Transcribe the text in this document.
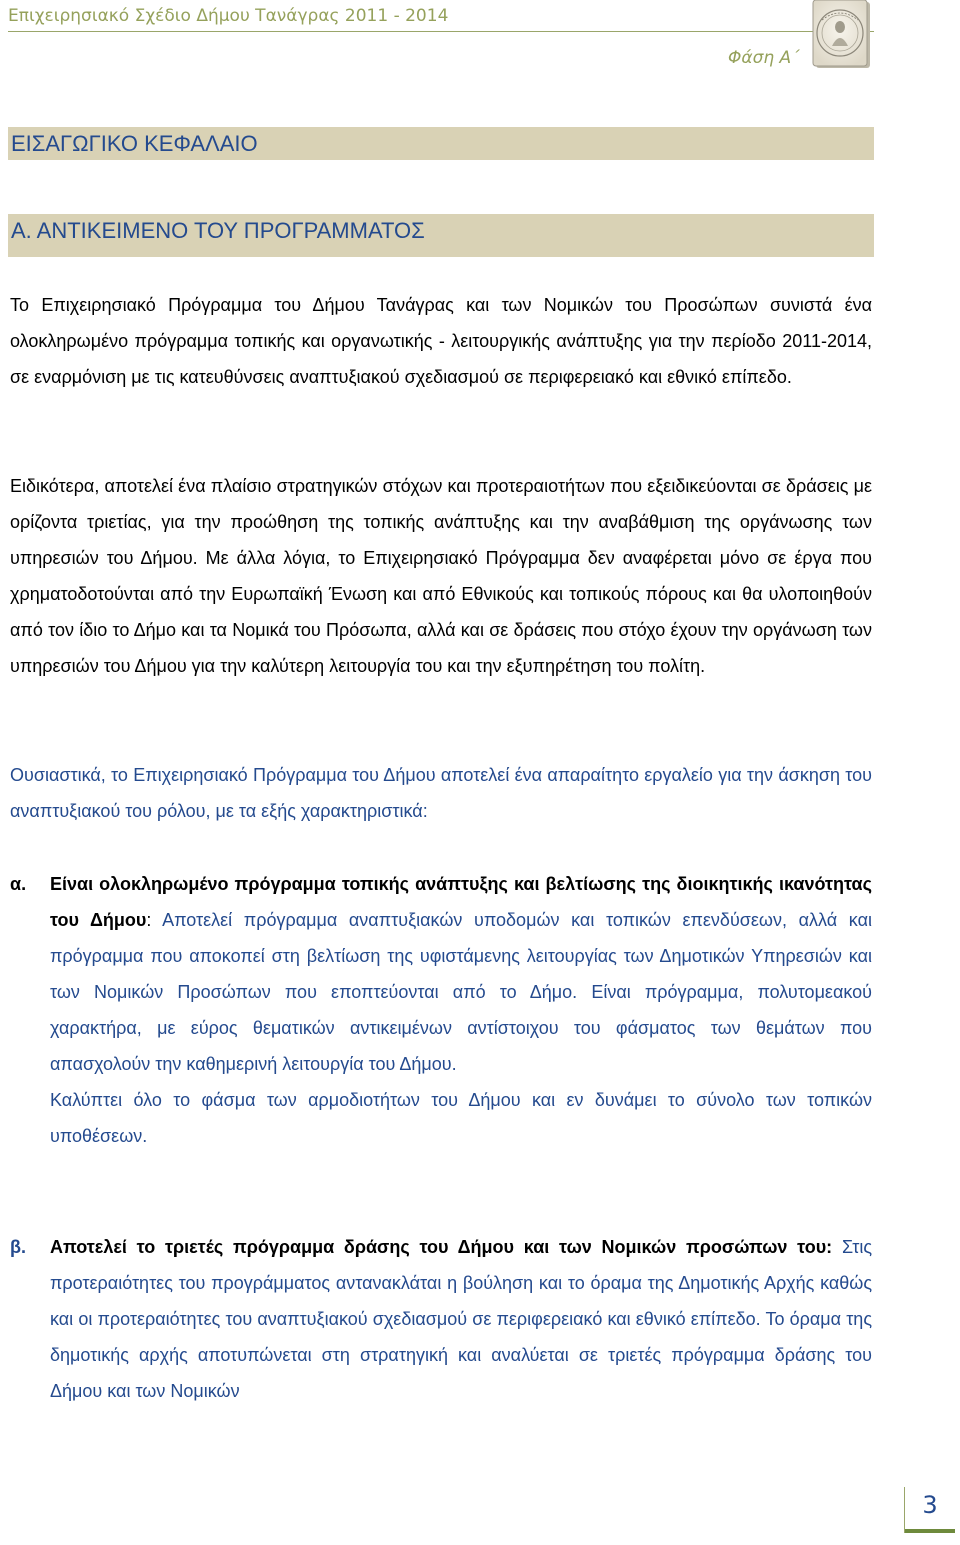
Επιχειρησιακό Σχέδιο Δήμου Τανάγρας 2011 - 2014
Φάση Α΄
ΕΙΣΑΓΩΓΙΚΟ ΚΕΦΑΛΑΙΟ
Α. ΑΝΤΙΚΕΙΜΕΝΟ ΤΟΥ ΠΡΟΓΡΑΜΜΑΤΟΣ

Το Επιχειρησιακό Πρόγραμμα του Δήμου Τανάγρας και των Νομικών του Προσώπων συνιστά ένα ολοκληρωμένο πρόγραμμα τοπικής και οργανωτικής - λειτουργικής ανάπτυξης για την περίοδο 2011-2014, σε εναρμόνιση με τις κατευθύνσεις αναπτυξιακού σχεδιασμού σε περιφερειακό και εθνικό επίπεδο.

Ειδικότερα, αποτελεί ένα πλαίσιο στρατηγικών στόχων και προτεραιοτήτων που εξειδικεύονται σε δράσεις με ορίζοντα τριετίας, για την προώθηση της τοπικής ανάπτυξης και την αναβάθμιση της οργάνωσης των υπηρεσιών του Δήμου. Με άλλα λόγια, το Επιχειρησιακό Πρόγραμμα δεν αναφέρεται μόνο σε έργα που χρηματοδοτούνται από την Ευρωπαϊκή Ένωση και από Εθνικούς και τοπικούς πόρους και θα υλοποιηθούν από τον ίδιο το Δήμο και τα Νομικά του Πρόσωπα, αλλά και σε δράσεις που στόχο έχουν την οργάνωση των υπηρεσιών του Δήμου για την καλύτερη λειτουργία του και την εξυπηρέτηση του πολίτη.

Ουσιαστικά, το Επιχειρησιακό Πρόγραμμα του Δήμου αποτελεί ένα απαραίτητο εργαλείο για την άσκηση του αναπτυξιακού του ρόλου, με τα εξής χαρακτηριστικά:

α. Είναι ολοκληρωμένο πρόγραμμα τοπικής ανάπτυξης και βελτίωσης της διοικητικής ικανότητας του Δήμου: Αποτελεί πρόγραμμα αναπτυξιακών υποδομών και τοπικών επενδύσεων, αλλά και πρόγραμμα που αποκοπεί στη βελτίωση της υφιστάμενης λειτουργίας των Δημοτικών Υπηρεσιών και των Νομικών Προσώπων που εποπτεύονται από το Δήμο. Είναι πρόγραμμα, πολυτομεακού χαρακτήρα, με εύρος θεματικών αντικειμένων αντίστοιχου του φάσματος των θεμάτων που απασχολούν την καθημερινή λειτουργία του Δήμου.
Καλύπτει όλο το φάσμα των αρμοδιοτήτων του Δήμου και εν δυνάμει το σύνολο των τοπικών υποθέσεων.

β. Αποτελεί το τριετές πρόγραμμα δράσης του Δήμου και των Νομικών προσώπων του: Στις προτεραιότητες του προγράμματος αντανακλάται η βούληση και το όραμα της Δημοτικής Αρχής καθώς και οι προτεραιότητες του αναπτυξιακού σχεδιασμού σε περιφερειακό και εθνικό επίπεδο. Το όραμα της δημοτικής αρχής αποτυπώνεται στη στρατηγική και αναλύεται σε τριετές πρόγραμμα δράσης του Δήμου και των Νομικών

3
